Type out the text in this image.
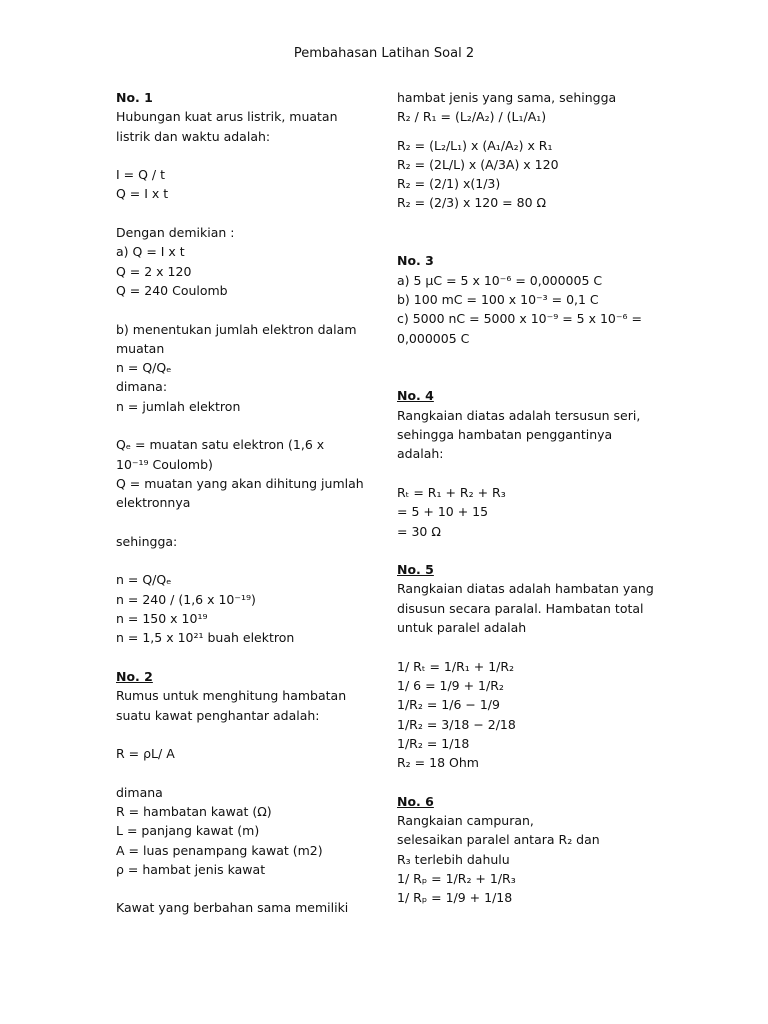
Pembahasan Latihan Soal 2
No. 1
Hubungan kuat arus listrik, muatan
listrik dan waktu adalah:
I = Q / t
Q = I x t
Dengan demikian :
a) Q = I x t
Q = 2 x 120
Q = 240 Coulomb
b) menentukan jumlah elektron dalam
muatan
n = Q/Qₑ
dimana:
n = jumlah elektron
Qₑ = muatan satu elektron (1,6 x
10⁻¹⁹ Coulomb)
Q = muatan yang akan dihitung jumlah
elektronnya
sehingga:
n = Q/Qₑ
n = 240 / (1,6 x 10⁻¹⁹)
n = 150 x 10¹⁹
n = 1,5 x 10²¹ buah elektron
No. 2
Rumus untuk menghitung hambatan
suatu kawat penghantar adalah:
R = ρL/ A
dimana
R = hambatan kawat (Ω)
L = panjang kawat (m)
A = luas penampang kawat (m2)
ρ = hambat jenis kawat
Kawat yang berbahan sama memiliki
hambat jenis yang sama, sehingga
R₂ / R₁ = (L₂/A₂) / (L₁/A₁)
R₂ = (L₂/L₁) x (A₁/A₂) x R₁
R₂ = (2L/L) x (A/3A) x 120
R₂ = (2/1) x(1/3)
R₂ = (2/3) x 120 = 80 Ω
No. 3
a) 5 μC = 5 x 10⁻⁶ = 0,000005 C
b) 100 mC = 100 x 10⁻³ = 0,1 C
c) 5000 nC = 5000 x 10⁻⁹ = 5 x 10⁻⁶ =
0,000005 C
No. 4
Rangkaian diatas adalah tersusun seri,
sehingga hambatan penggantinya
adalah:
Rₜ = R₁ + R₂ + R₃
= 5 + 10 + 15
= 30 Ω
No. 5
Rangkaian diatas adalah hambatan yang
disusun secara paralal. Hambatan total
untuk paralel adalah
1/ Rₜ = 1/R₁ + 1/R₂
1/ 6 = 1/9 + 1/R₂
1/R₂ = 1/6 − 1/9
1/R₂ = 3/18 − 2/18
1/R₂ = 1/18
R₂ = 18 Ohm
No. 6
Rangkaian campuran,
selesaikan paralel antara R₂ dan
R₃ terlebih dahulu
1/ Rₚ = 1/R₂ + 1/R₃
1/ Rₚ = 1/9 + 1/18
